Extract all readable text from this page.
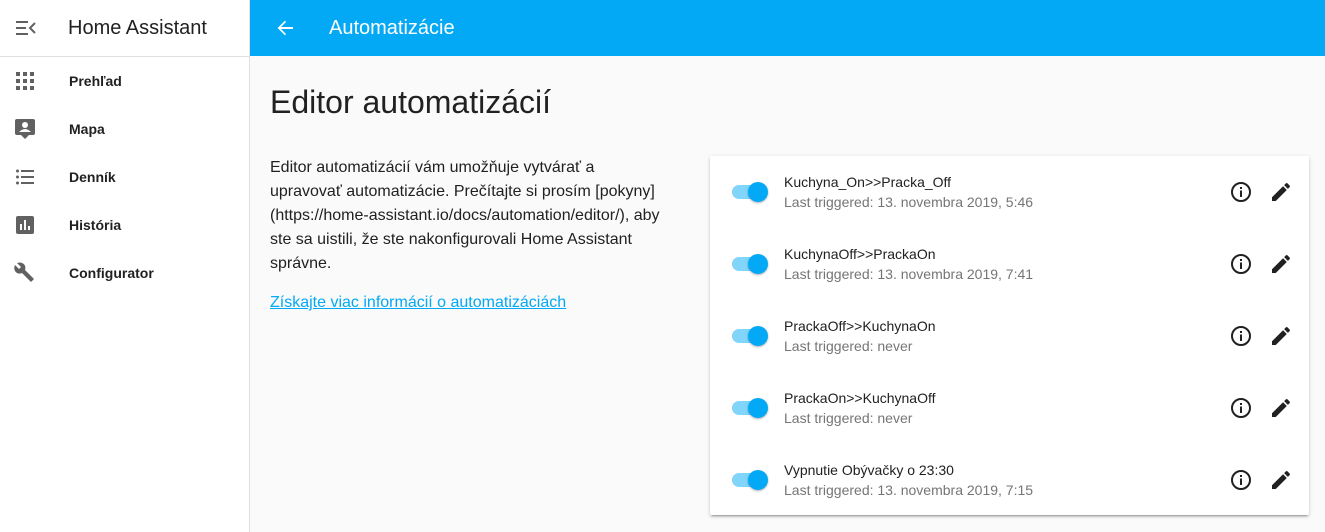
Home Assistant
Prehľad
Mapa
Denník
História
Configurator
Automatizácie
Editor automatizácií

Editor automatizácií vám umožňuje vytvárať a upravovať automatizácie. Prečítajte si prosím [pokyny](https://home-assistant.io/docs/automation/editor/), aby ste sa uistili, že ste nakonfigurovali Home Assistant správne.

Získajte viac informácií o automatizáciách
Kuchyna_On>>Pracka_Off
Last triggered: 13. novembra 2019, 5:46
KuchynaOff>>PrackaOn
Last triggered: 13. novembra 2019, 7:41
PrackaOff>>KuchynaOn
Last triggered: never
PrackaOn>>KuchynaOff
Last triggered: never
Vypnutie Obývačky o 23:30
Last triggered: 13. novembra 2019, 7:15
